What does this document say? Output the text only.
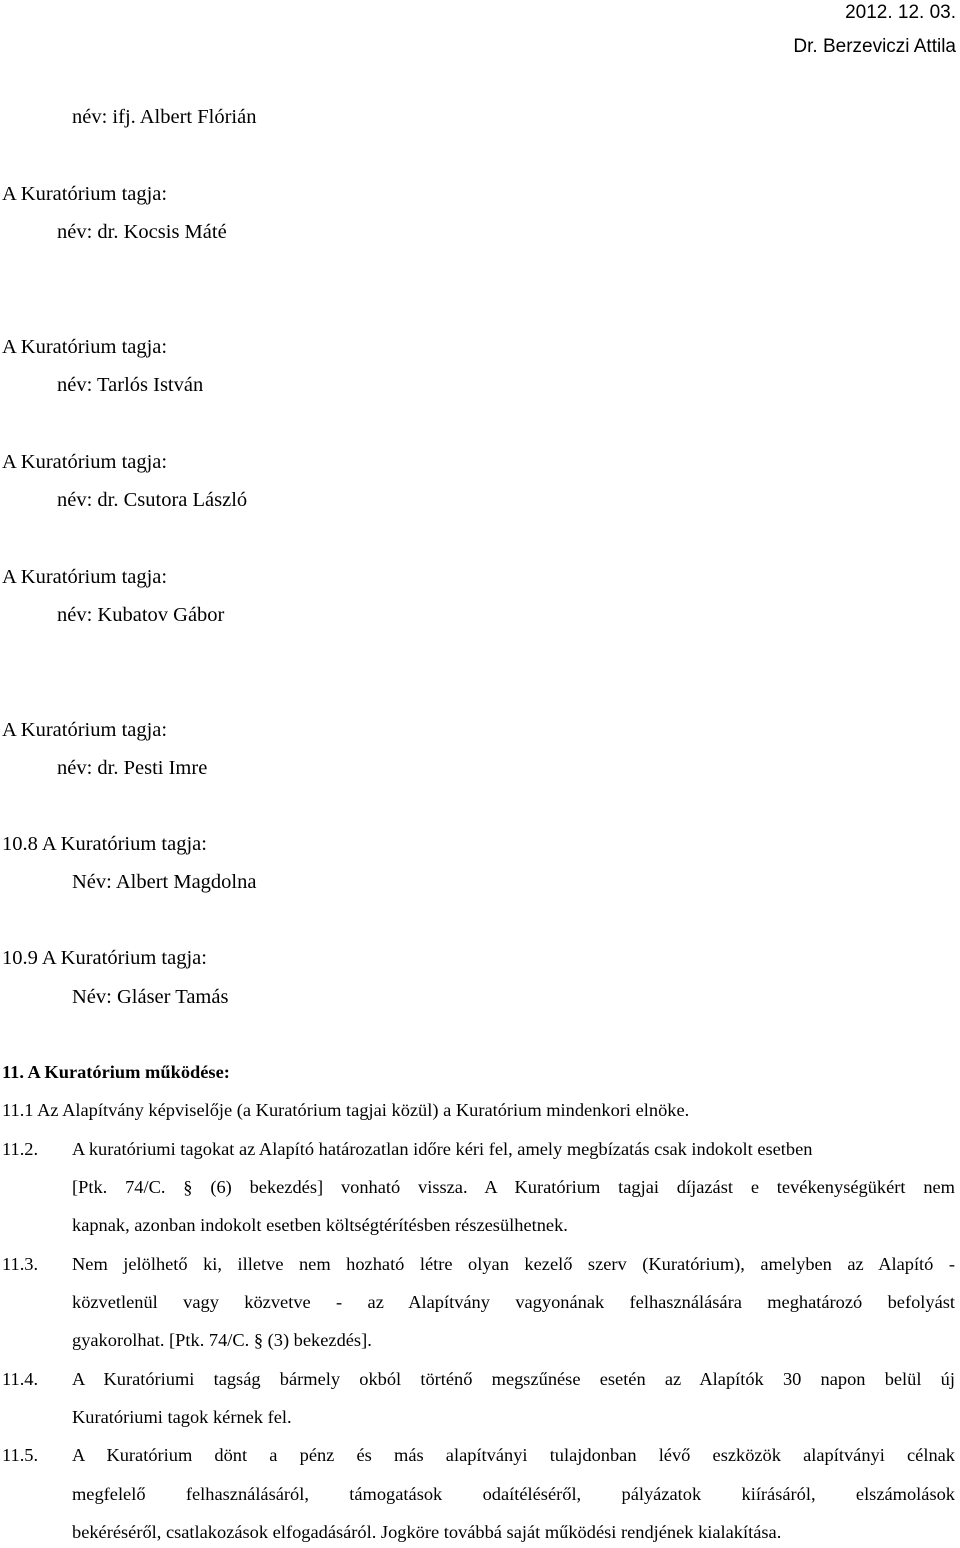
2012. 12. 03.
Dr. Berzeviczi Attila
név: ifj. Albert Flórián
A Kuratórium tagja:
név: dr. Kocsis Máté
A Kuratórium tagja:
név: Tarlós István
A Kuratórium tagja:
név: dr. Csutora László
A Kuratórium tagja:
név: Kubatov Gábor
A Kuratórium tagja:
név: dr. Pesti Imre
10.8 A Kuratórium tagja:
Név: Albert Magdolna
10.9 A Kuratórium tagja:
Név: Gláser Tamás
11. A Kuratórium működése:
11.1 Az Alapítvány képviselője (a Kuratórium tagjai közül) a Kuratórium mindenkori elnöke.
11.2. A kuratóriumi tagokat az Alapító határozatlan időre kéri fel, amely megbízatás csak indokolt esetben
[Ptk. 74/C. § (6) bekezdés] vonható vissza. A Kuratórium tagjai díjazást e tevékenységükért nem
kapnak, azonban indokolt esetben költségtérítésben részesülhetnek.
11.3. Nem jelölhető ki, illetve nem hozható létre olyan kezelő szerv (Kuratórium), amelyben az Alapító -
közvetlenül vagy közvetve - az Alapítvány vagyonának felhasználására meghatározó befolyást
gyakorolhat. [Ptk. 74/C. § (3) bekezdés].
11.4. A Kuratóriumi tagság bármely okból történő megszűnése esetén az Alapítók 30 napon belül új
Kuratóriumi tagok kérnek fel.
11.5. A Kuratórium dönt a pénz és más alapítványi tulajdonban lévő eszközök alapítványi célnak
megfelelő felhasználásáról, támogatások odaítéléséről, pályázatok kiírásáról, elszámolások
bekéréséről, csatlakozások elfogadásáról. Jogköre továbbá saját működési rendjének kialakítása.
